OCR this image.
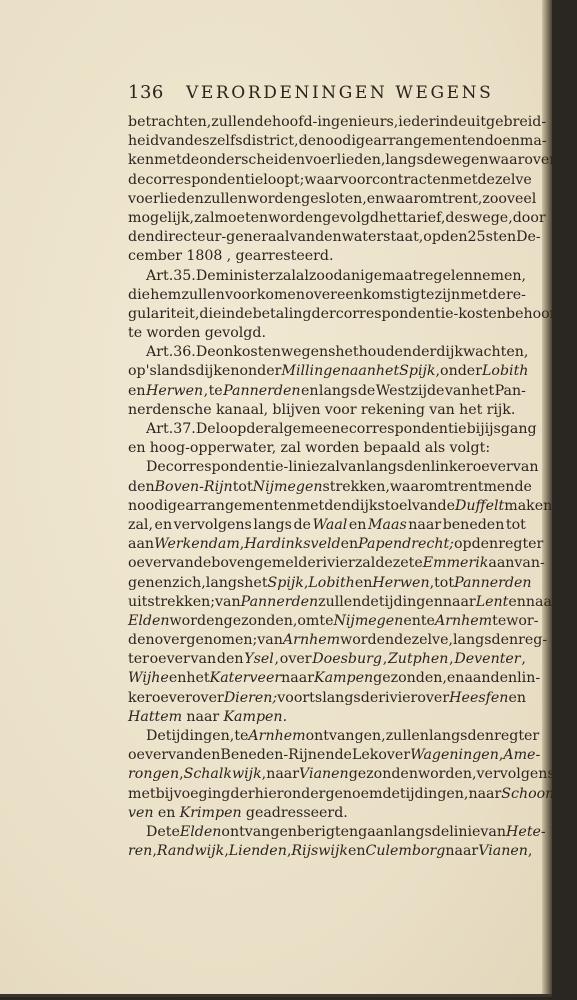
136 VERORDENINGEN WEGENS
betrachten , zullen de hoofd-ingenieurs , ieder in de uitgebreid-
heid van deszelfs district, de noodige arrangementen doen ma-
ken met de onderscheiden voerlieden , langs de wegen waarover
de correspondentie loopt; waarvoor contracten met dezelve
voerlieden zullen worden gesloten, en waaromtrent, zoo veel
mogelijk, zal moeten worden gevolgd het tarief, deswege, door
den directeur-generaal van den waterstaat, op den 25sten De-
cember 1808 , gearresteerd.
Art. 35. De minister zal al zoodanige maatregelen nemen,
die hem zullen voorkomen overeenkomstig te zijn met de re-
gulariteit, die in de betaling der correspondentie-kosten behoort
te worden gevolgd.
Art. 36. De onkosten wegens het houden der dijkwachten ,
op 's lands dijken onder Millingen aan het Spijk , onder Lobith
en Herwen , te Pannerden en langs de Westzijde van het Pan-
nerdensche kanaal, blijven voor rekening van het rijk.
Art. 37. De loop der algemeene correspondentie bij ijsgang
en hoog-opperwater, zal worden bepaald als volgt:
De correspondentie-linie zal van langs den linker oever van
den Boven-Rijn tot Nijmegen strekken, waaromtrent men de
noodige arrangementen met den dijkstoel van de Duffelt maken
zal, en vervolgens langs de Waal en Maas naar beneden tot
aan Werkendam , Hardinksveld en Papendrecht; op den regter
oever van de bovengemelde rivier zal deze te Emmerik aanvan-
gen en zich, langs het Spijk , Lobith en Herwen , tot Pannerden
uitstrekken; van Pannerden zullen de tijdingen naar Lent en naar
Elden worden gezonden , om te Nijmegen en te Arnhem te wor-
den overgenomen; van Arnhem worden dezelve , langs den reg-
ter oever van den Ysel , over Doesburg , Zutphen , Deventer ,
Wijhe en het Katerveer naar Kampen gezonden, en aan den lin-
ker oever over Dieren; voorts langs de rivier over Heesfen en
Hattem naar Kampen.
De tijdingen, te Arnhem ontvangen, zullen langs den regter
oever van den Beneden-Rijn en de Lek over Wageningen , Ame-
rongen , Schalkwijk , naar Vianen gezonden worden, vervolgens ,
met bijvoeging der hieronder genoemde tijdingen, naar Schoonho-
ven en Krimpen geadresseerd.
De te Elden ontvangen berigten gaan langs de linie van Hete-
ren , Randwijk , Lienden , Rijswijk en Culemborg naar Vianen ,
